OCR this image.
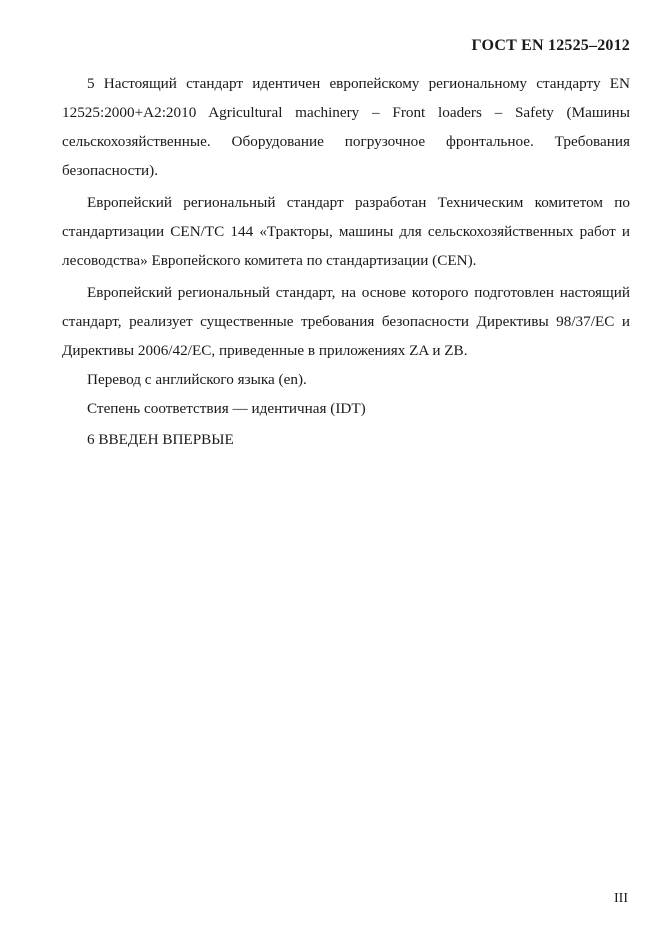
ГОСТ EN 12525–2012

5 Настоящий стандарт идентичен европейскому региональному стандарту EN 12525:2000+A2:2010 Agricultural machinery – Front loaders – Safety (Машины сельскохозяйственные. Оборудование погрузочное фронтальное. Требования безопасности).

Европейский региональный стандарт разработан Техническим комитетом по стандартизации CEN/TC 144 «Тракторы, машины для сельскохозяйственных работ и лесоводства» Европейского комитета по стандартизации (CEN).

Европейский региональный стандарт, на основе которого подготовлен настоящий стандарт, реализует существенные требования безопасности Директивы 98/37/EC и Директивы 2006/42/EC, приведенные в приложениях ZA и ZB.

Перевод с английского языка (en).

Степень соответствия — идентичная (IDT)

6 ВВЕДЕН ВПЕРВЫЕ

III
